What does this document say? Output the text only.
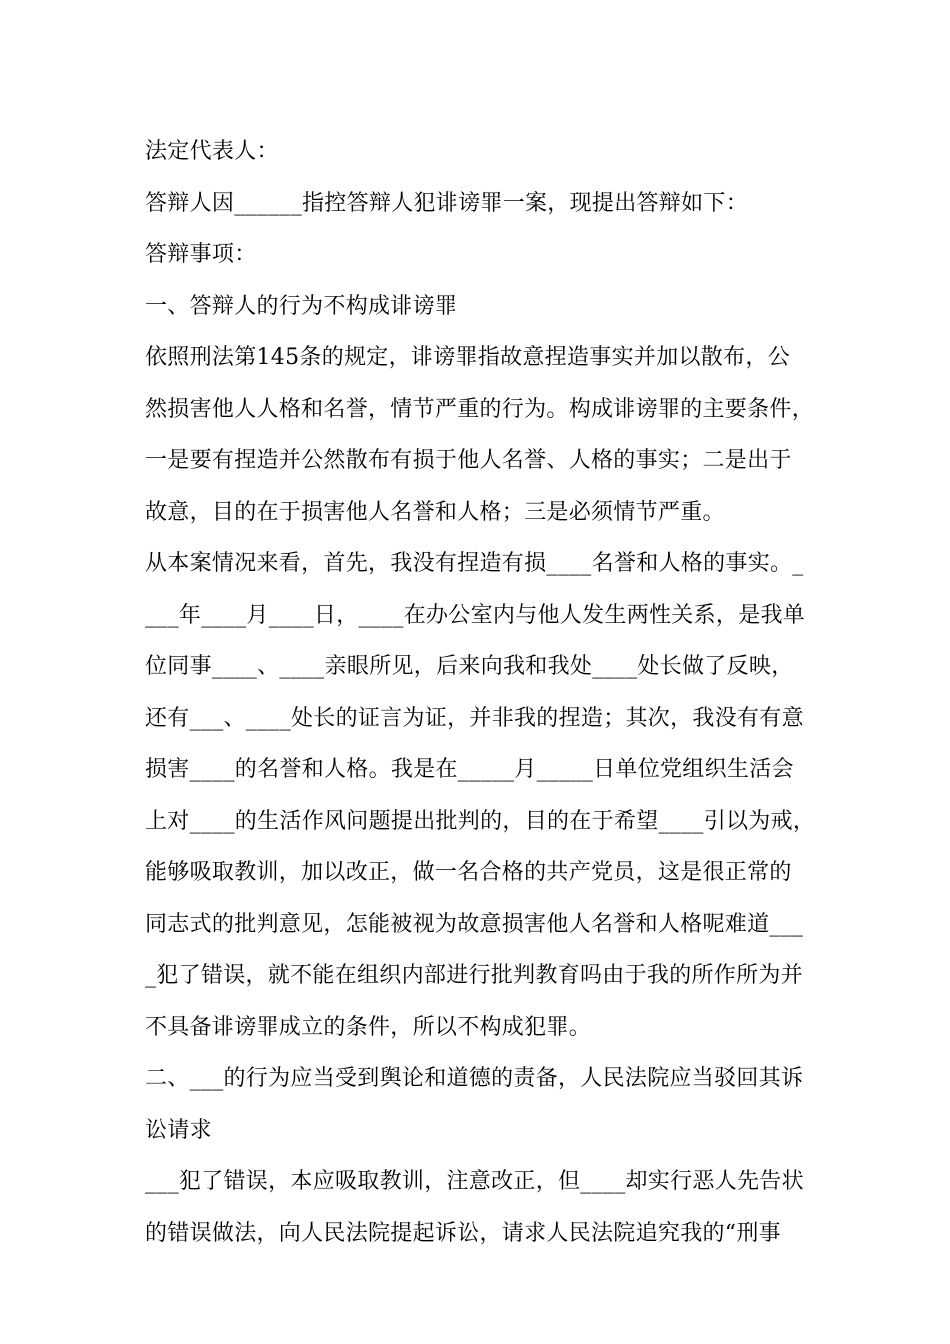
法定代表人：
答辩人因______指控答辩人犯诽谤罪一案，现提出答辩如下：
答辩事项：
一、答辩人的行为不构成诽谤罪
依照刑法第145条的规定，诽谤罪指故意捏造事实并加以散布，公
然损害他人人格和名誉，情节严重的行为。构成诽谤罪的主要条件，
一是要有捏造并公然散布有损于他人名誉、人格的事实；二是出于
故意，目的在于损害他人名誉和人格；三是必须情节严重。
从本案情况来看，首先，我没有捏造有损____名誉和人格的事实。_
___年____月____日，____在办公室内与他人发生两性关系，是我单
位同事____、____亲眼所见，后来向我和我处____处长做了反映，
还有___、____处长的证言为证，并非我的捏造；其次，我没有有意
损害____的名誉和人格。我是在_____月_____日单位党组织生活会
上对____的生活作风问题提出批判的，目的在于希望____引以为戒，
能够吸取教训，加以改正，做一名合格的共产党员，这是很正常的
同志式的批判意见，怎能被视为故意损害他人名誉和人格呢难道___
_犯了错误，就不能在组织内部进行批判教育吗由于我的所作所为并
不具备诽谤罪成立的条件，所以不构成犯罪。
二、___的行为应当受到舆论和道德的责备，人民法院应当驳回其诉
讼请求
___犯了错误，本应吸取教训，注意改正，但____却实行恶人先告状
的错误做法，向人民法院提起诉讼，请求人民法院追究我的“刑事
